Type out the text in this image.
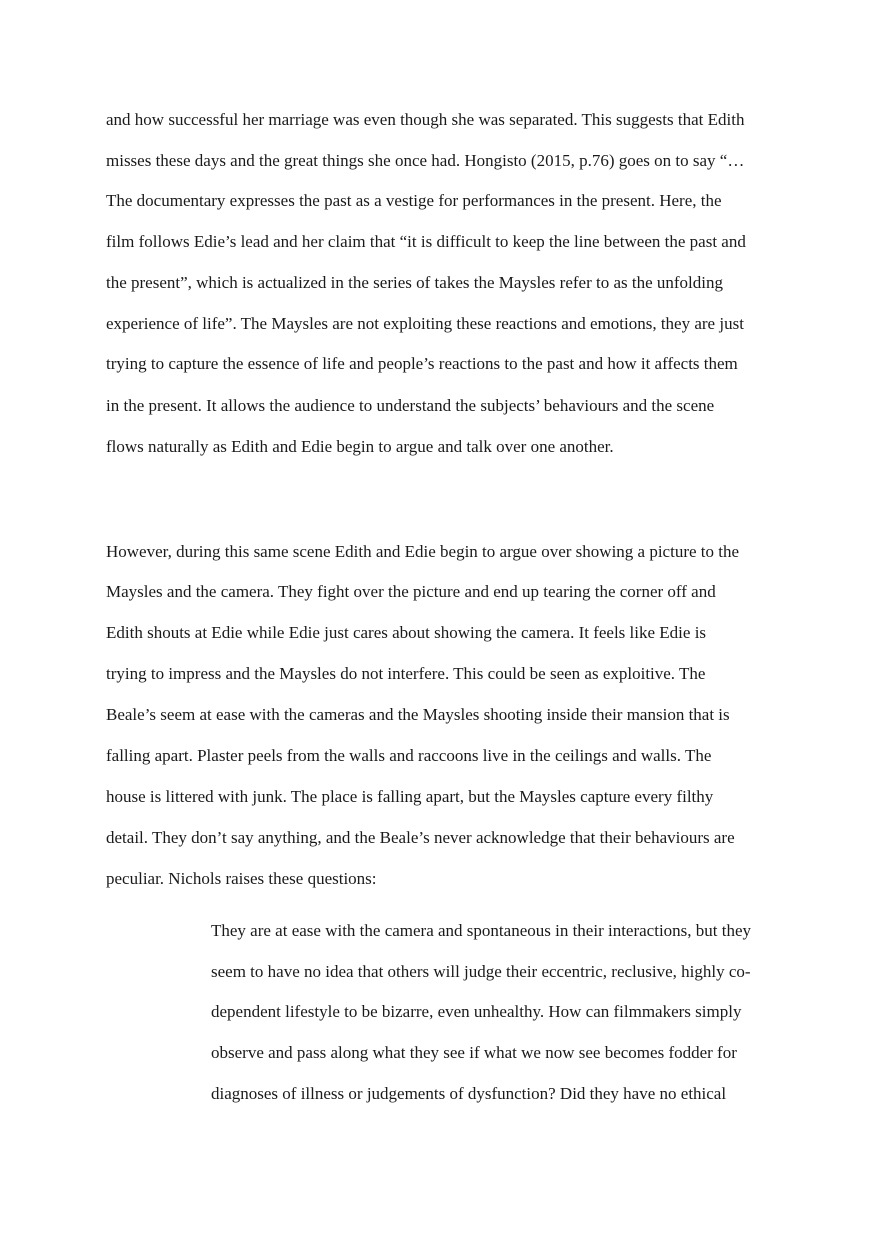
and how successful her marriage was even though she was separated. This suggests that Edith
misses these days and the great things she once had. Hongisto (2015, p.76) goes on to say “…
The documentary expresses the past as a vestige for performances in the present. Here, the
film follows Edie’s lead and her claim that “it is difficult to keep the line between the past and
the present”, which is actualized in the series of takes the Maysles refer to as the unfolding
experience of life”. The Maysles are not exploiting these reactions and emotions, they are just
trying to capture the essence of life and people’s reactions to the past and how it affects them
in the present. It allows the audience to understand the subjects’ behaviours and the scene
flows naturally as Edith and Edie begin to argue and talk over one another.
However, during this same scene Edith and Edie begin to argue over showing a picture to the
Maysles and the camera. They fight over the picture and end up tearing the corner off and
Edith shouts at Edie while Edie just cares about showing the camera. It feels like Edie is
trying to impress and the Maysles do not interfere. This could be seen as exploitive. The
Beale’s seem at ease with the cameras and the Maysles shooting inside their mansion that is
falling apart. Plaster peels from the walls and raccoons live in the ceilings and walls. The
house is littered with junk. The place is falling apart, but the Maysles capture every filthy
detail. They don’t say anything, and the Beale’s never acknowledge that their behaviours are
peculiar. Nichols raises these questions:
They are at ease with the camera and spontaneous in their interactions, but they
seem to have no idea that others will judge their eccentric, reclusive, highly co-
dependent lifestyle to be bizarre, even unhealthy. How can filmmakers simply
observe and pass along what they see if what we now see becomes fodder for
diagnoses of illness or judgements of dysfunction? Did they have no ethical
